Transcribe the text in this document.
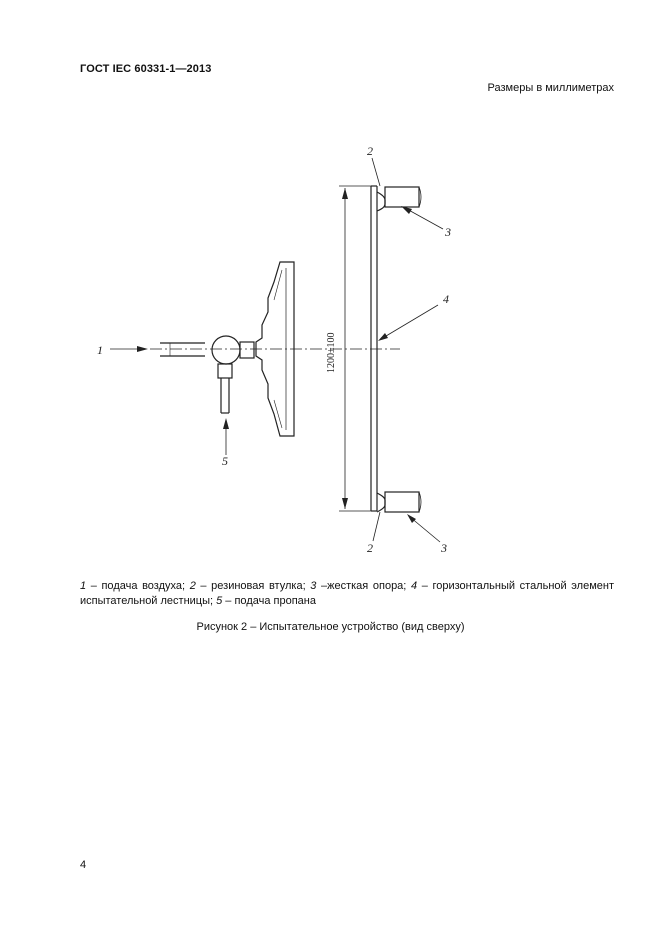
ГОСТ IEC 60331-1—2013
Размеры в миллиметрах
1
2
3
4
5
2	3
1200±100
1 – подача воздуха; 2 – резиновая втулка; 3 –жесткая опора; 4 – горизонтальный стальной элемент испытательной лестницы; 5 – подача пропана
Рисунок 2 – Испытательное устройство (вид сверху)
4
